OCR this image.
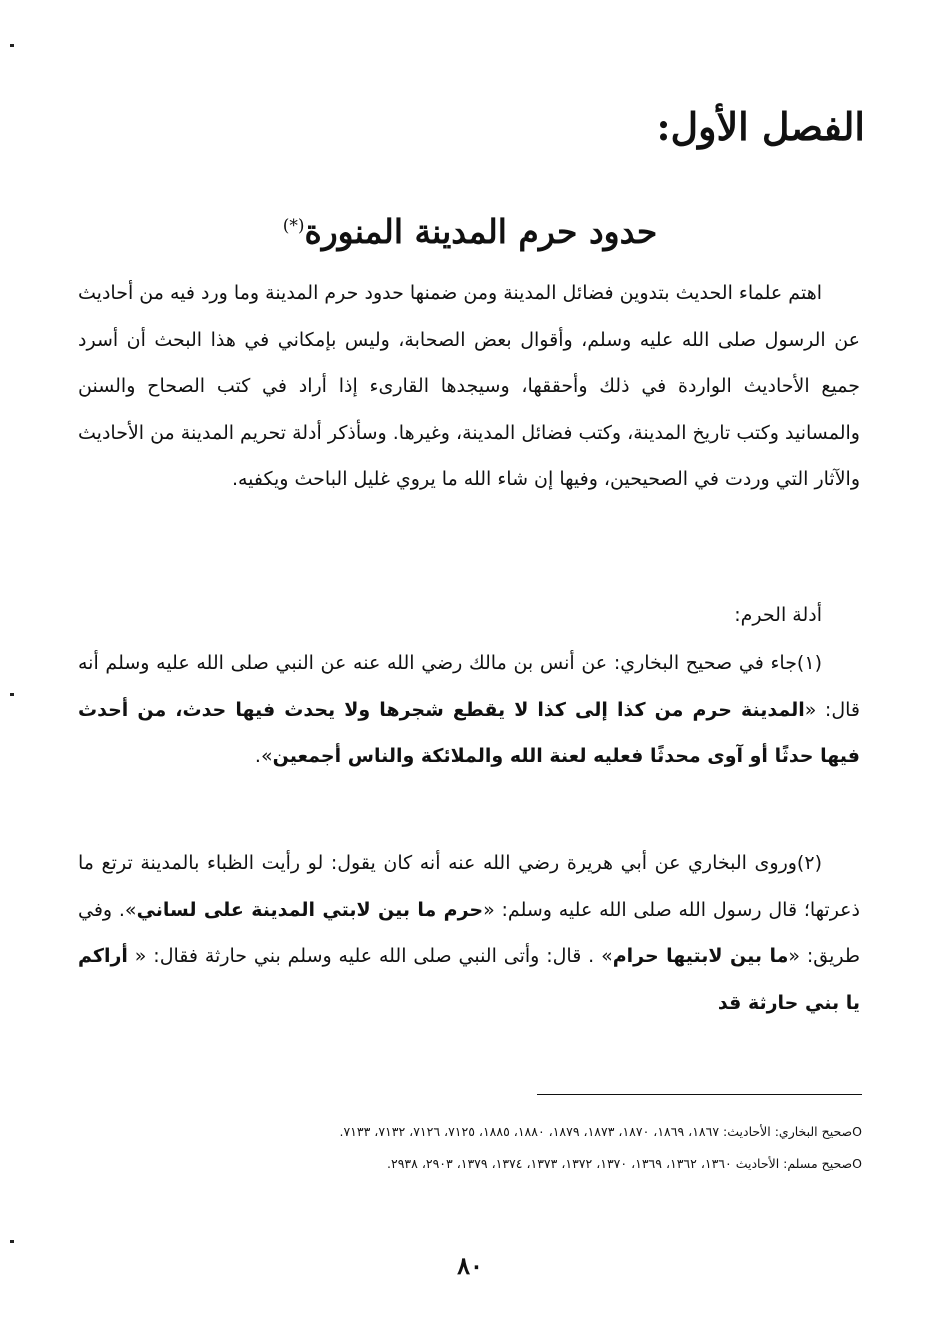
الفصل الأول:
حدود حرم المدينة المنورة(*)

اهتم علماء الحديث بتدوين فضائل المدينة ومن ضمنها حدود حرم المدينة وما ورد فيه من أحاديث عن الرسول صلى الله عليه وسلم، وأقوال بعض الصحابة، وليس بإمكاني في هذا البحث أن أسرد جميع الأحاديث الواردة في ذلك وأحققها، وسيجدها القارىء إذا أراد في كتب الصحاح والسنن والمسانيد وكتب تاريخ المدينة، وكتب فضائل المدينة، وغيرها. وسأذكر أدلة تحريم المدينة من الأحاديث والآثار التي وردت في الصحيحين، وفيها إن شاء الله ما يروي غليل الباحث ويكفيه.

أدلة الحرم:

(١)جاء في صحيح البخاري: عن أنس بن مالك رضي الله عنه عن النبي صلى الله عليه وسلم أنه قال: «المدينة حرم من كذا إلى كذا لا يقطع شجرها ولا يحدث فيها حدث، من أحدث فيها حدثًا أو آوى محدثًا فعليه لعنة الله والملائكة والناس أجمعين».

(٢)وروى البخاري عن أبي هريرة رضي الله عنه أنه كان يقول: لو رأيت الظباء بالمدينة ترتع ما ذعرتها؛ قال رسول الله صلى الله عليه وسلم: «حرم ما بين لابتي المدينة على لساني». وفي طريق: «ما بين لابتيها حرام» . قال: وأتى النبي صلى الله عليه وسلم بني حارثة فقال: « أراكم يا بني حارثة قد

Oصحيح البخاري: الأحاديث: ١٨٦٧، ١٨٦٩، ١٨٧٠، ١٨٧٣، ١٨٧٩، ١٨٨٠، ١٨٨٥، ٧١٢٥، ٧١٢٦، ٧١٣٢، ٧١٣٣.

Oصحيح مسلم: الأحاديث ١٣٦٠، ١٣٦٢، ١٣٦٩، ١٣٧٠، ١٣٧٢، ١٣٧٣، ١٣٧٤، ١٣٧٩، ٢٩٠٣، ٢٩٣٨.

٨٠
